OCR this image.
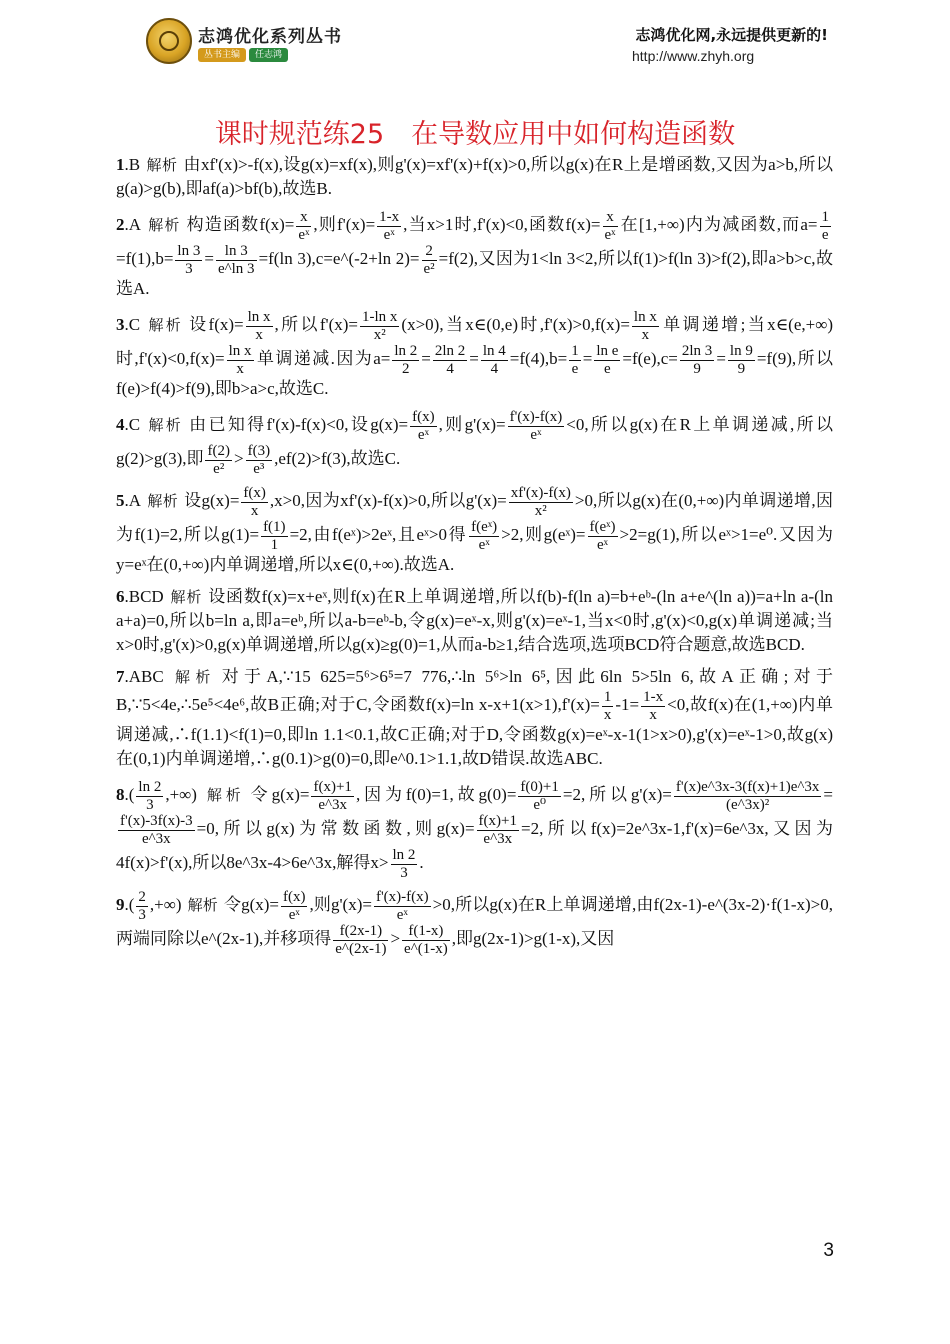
志鸿优化系列丛书
丛书主编 任志鸿
志鸿优化网,永远提供更新的!
http://www.zhyh.org
课时规范练25　在导数应用中如何构造函数

1.B 解析 由xf'(x)>-f(x),设g(x)=xf(x),则g'(x)=xf'(x)+f(x)>0,所以g(x)在R上是增函数,又因为a>b,所以g(a)>g(b),即af(a)>bf(b),故选B.

2.A 解析 构造函数$f(x)= \frac{x}{\text{eˣ}}$ ,则$f'(x)= \frac{1-x}{\text{eˣ}}$ ,当x>1时,f'(x)<0,函数$f(x)= \frac{x}{\text{eˣ}}$ 在[1,+∞)内为减函数,而$a= \frac{1}{e}$
$=f(1),b= \frac{\ln 3}{3} = \frac{\ln 3}{e\^{}\ln 3} =f(\ln$ 3),c=e^(-2+ln $2)= \frac{2}{\text{e²}} =f(2)$,又因为1<ln 3<2,所以f(1)>f(ln 3)>f(2),即a>b>c,故选A.

3.C 解析 设$f(x)= \frac{\text{ln x}}{x}$ ,所以$f'(x)= \frac{\text{1-ln x}}{\text{x²}} (x>0)$,当x∈(0,e)时$,f'(x)>0,f(x)= \frac{\text{ln x}}{x}$ 单调递增;当x∈(e,+∞)时$,f'(x)<0,f(x)= \frac{\text{ln x}}{x}$ 单调递减.因为$a= \frac{\ln 2}{2} = \frac{2\ln 2}{4} = \frac{\ln 4}{4} =f(4),b= \frac{1}{e} = \frac{\text{ln e}}{e} =f(e),c= \frac{2\ln 3}{9} = \frac{\ln 9}{9} =f(9)$,所以f(e)>f(4)>f(9),即b>a>c,故选C.

4.C 解析 由已知得f'(x)-f(x)<0,设$g(x)= \frac{f(x)}{\text{eˣ}}$ ,则$g'(x)= \frac{f'(x)-f(x)}{\text{eˣ}} <0$,所以g(x)在R上单调递减,所以g(2)>g(3),即 $\frac{f(2)}{\text{e²}} > \frac{f(3)}{\text{e³}} ,ef(2)>f(3)$,故选C.

5.A 解析 设$g(x)= \frac{f(x)}{x} ,x>0$,因为xf'(x)-f(x)>0,所以$g'(x)= \frac{xf'(x)-f(x)}{\text{x²}} >0$,所以g(x)在(0,+∞)内单调递增,因为f(1)=2,所以$g(1)= \frac{f(1)}{1} =2$,由f(eˣ)>2eˣ,且eˣ>0得 $\frac{\text{f(eˣ)}}{\text{eˣ}} >2$,则g(eˣ)= $\frac{\text{f(eˣ)}}{\text{eˣ}} >2=g(1)$,所以eˣ>1=e⁰.又因为y=eˣ在(0,+∞)内单调递增,所以x∈(0,+∞).故选A.

6.BCD 解析 设函数f(x)=x+eˣ,则f(x)在R上单调递增,所以f(b)-f(ln a)=b+eᵇ-(ln a+e^(ln a))=a+ln a-(ln a+a)=0,所以b=ln a,即a=eᵇ,所以a-b=eᵇ-b,令g(x)=eˣ-x,则g'(x)=eˣ-1,当x<0时,g'(x)<0,g(x)单调递减;当x>0时,g'(x)>0,g(x)单调递增,所以g(x)≥g(0)=1,从而a-b≥1,结合选项,选项BCD符合题意,故选BCD.

7.ABC 解析 对于A,∵15 625=5⁶>6⁵=7 776,∴ln 5⁶>ln 6⁵,因此6ln 5>5ln 6,故A正确;对于B,∵5<4e,∴5e⁵<4e⁶,故B正确;对于C,令函数f(x)=ln $x-x+1(x>1),f'(x)= \frac{1}{x} -1= \frac{1-x}{x} <0$,故f(x)在(1,+∞)内单调递减,∴f(1.1)<f(1)=0,即ln 1.1<0.1,故C正确;对于D,令函数g(x)=eˣ-x-1(1>x>0),g'(x)=eˣ-1>0,故g(x)在(0,1)内单调递增,∴g(0.1)>g(0)=0,即e^0.1>1.1,故D错误.故选ABC.

$8.( \frac{\ln 2}{3}$ ,+∞) 解析 令$g(x)= \frac{f(x)+1}{e\^{}3x}$ ,因为f(0)=1,故$g(0)= \frac{f(0)+1}{\text{e⁰}} =2$,所以$g'(x)= \frac{f'(x)e\^{}3x-3(f(x)+1)e\^{}3x}{\text{(e\textasciicircum{}3x)²}}$ =
$\frac{f'(x)-3f(x)-3}{e\^{}3x} =0$,所以g(x)为常数函数,则$g(x)= \frac{f(x)+1}{e\^{}3x} =2$,所以f(x)=2e^3x-1,f'(x)=6e^3x,又因为4f(x)>f'(x),所以8e^3x-4>6e^3x,解得$x> \frac{\ln 2}{3}$ .

$9.( \frac{2}{3}$ ,+∞) 解析 令$g(x)= \frac{f(x)}{\text{eˣ}}$ ,则$g'(x)= \frac{f'(x)-f(x)}{\text{eˣ}} >0$,所以g(x)在R上单调递增,由f(2x-1)-e^(3x-2)·f(1-x)>0,两端同除以e^(2x-1),并移项得 $\frac{f(2x-1)}{e\^{}(2x-1)} > \frac{f(1-x)}{e\^{}(1-x)}$ ,即g(2x-1)>g(1-x),又因

3
